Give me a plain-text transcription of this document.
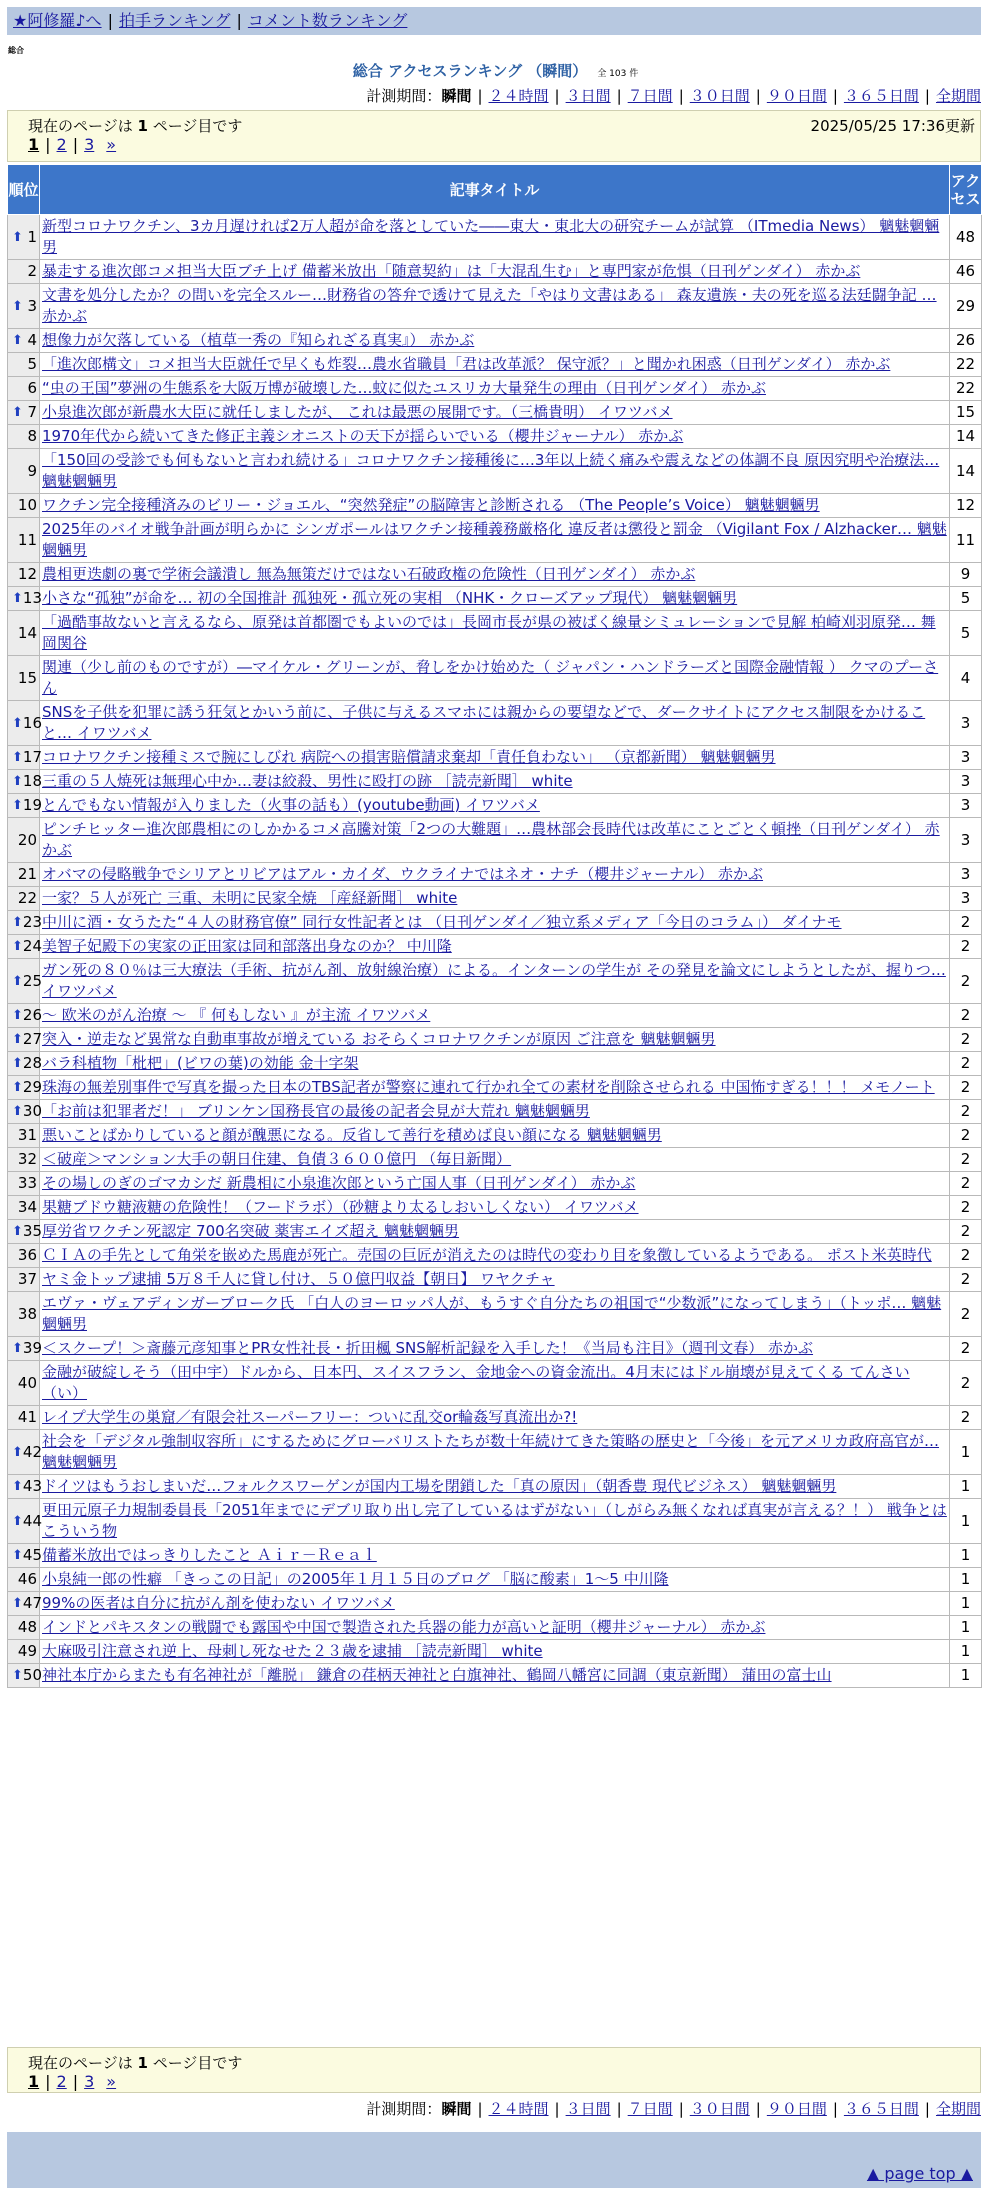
★阿修羅♪へ | 拍手ランキング | コメント数ランキング
総合
総合 アクセスランキング （瞬間） 全 103 件
計測期間：瞬間 | ２４時間 | ３日間 | ７日間 | ３０日間 | ９０日間 | ３６５日間 | 全期間
現在のページは 1 ページ目です	2025/05/25 17:36更新
1 | 2 | 3 »
順位	記事タイトル	アクセス

⬆ 1	新型コロナワクチン、3カ月遅ければ2万人超が命を落としていた――東大・東北大の研究チームが試算 （ITmedia News） 魑魅魍魎男	48
2	暴走する進次郎コメ担当大臣ブチ上げ 備蓄米放出「随意契約」は「大混乱生む」と専門家が危惧（日刊ゲンダイ） 赤かぶ	46

⬆ 3	文書を処分したか？の問いを完全スルー…財務省の答弁で透けて見えた「やはり文書はある」 森友遺族・夫の死を巡る法廷闘争記 … 赤かぶ	29

⬆ 4	想像力が欠落している（植草一秀の『知られざる真実』） 赤かぶ	26
5	「進次郎構文」コメ担当大臣就任で早くも炸裂…農水省職員「君は改革派？ 保守派？」と聞かれ困惑（日刊ゲンダイ） 赤かぶ	22
6	“虫の王国”夢洲の生態系を大阪万博が破壊した…蚊に似たユスリカ大量発生の理由（日刊ゲンダイ） 赤かぶ	22

⬆ 7	小泉進次郎が新農水大臣に就任しましたが、 これは最悪の展開です。（三橋貴明） イワツバメ	15
8	1970年代から続いてきた修正主義シオニストの天下が揺らいでいる（櫻井ジャーナル） 赤かぶ	14
9	「150回の受診でも何もないと言われ続ける」コロナワクチン接種後に…3年以上続く痛みや震えなどの体調不良 原因究明や治療法… 魑魅魍魎男	14
10	ワクチン完全接種済みのビリー・ジョエル、“突然発症”の脳障害と診断される （The People’s Voice） 魑魅魍魎男	12
11	2025年のバイオ戦争計画が明らかに シンガポールはワクチン接種義務厳格化 違反者は懲役と罰金 （Vigilant Fox / Alzhacker… 魑魅魍魎男	11
12	農相更迭劇の裏で学術会議潰し 無為無策だけではない石破政権の危険性（日刊ゲンダイ） 赤かぶ	9

⬆ 13	小さな“孤独”が命を… 初の全国推計 孤独死・孤立死の実相 （NHK・クローズアップ現代） 魑魅魍魎男	5
14	「過酷事故ないと言えるなら、原発は首都圏でもよいのでは」長岡市長が県の被ばく線量シミュレーションで見解 柏崎刈羽原発… 舞岡関谷	5
15	関連（少し前のものですが）―マイケル・グリーンが、脅しをかけ始めた（ ジャパン・ハンドラーズと国際金融情報 ） クマのプーさん	4

⬆ 16	SNSを子供を犯罪に誘う狂気とかいう前に、子供に与えるスマホには親からの要望などで、ダークサイトにアクセス制限をかけること… イワツバメ	3

⬆ 17	コロナワクチン接種ミスで腕にしびれ 病院への損害賠償請求棄却「責任負わない」 （京都新聞） 魑魅魍魎男	3

⬆ 18	三重の５人焼死は無理心中か…妻は絞殺、男性に殴打の跡 ［読売新聞］ white	3

⬆ 19	とんでもない情報が入りました（火事の話も）(youtube動画) イワツバメ	3
20	ピンチヒッター進次郎農相にのしかかるコメ高騰対策「2つの大難題」…農林部会長時代は改革にことごとく頓挫（日刊ゲンダイ） 赤かぶ	3
21	オバマの侵略戦争でシリアとリビアはアル・カイダ、ウクライナではネオ・ナチ（櫻井ジャーナル） 赤かぶ	3
22	一家？５人が死亡 三重、未明に民家全焼 ［産経新聞］ white	3

⬆ 23	中川に酒・女うたた“４人の財務官僚” 同行女性記者とは （日刊ゲンダイ／独立系メディア「今日のコラム」） ダイナモ	2

⬆ 24	美智子妃殿下の実家の正田家は同和部落出身なのか？ 中川隆	2

⬆ 25	ガン死の８０％は三大療法（手術、抗がん剤、放射線治療）による。インターンの学生が その発見を論文にしようとしたが、握りつ… イワツバメ	2

⬆ 26	～ 欧米のがん治療 ～ 『 何もしない 』が主流 イワツバメ	2

⬆ 27	突入・逆走など異常な自動車事故が増えている おそらくコロナワクチンが原因 ご注意を 魑魅魍魎男	2

⬆ 28	バラ科植物「枇杷」(ビワの葉)の効能 金十字架	2

⬆ 29	珠海の無差別事件で写真を撮った日本のTBS記者が警察に連れて行かれ全ての素材を削除させられる 中国怖すぎる！！！ メモノート	2

⬆ 30	「お前は犯罪者だ！」 ブリンケン国務長官の最後の記者会見が大荒れ 魑魅魍魎男	2
31	悪いことばかりしていると顔が醜悪になる。反省して善行を積めば良い顔になる 魑魅魍魎男	2
32	＜破産＞マンション大手の朝日住建、負債３６００億円 （毎日新聞）	2
33	その場しのぎのゴマカシだ 新農相に小泉進次郎という亡国人事（日刊ゲンダイ） 赤かぶ	2
34	果糖ブドウ糖液糖の危険性！（フードラボ）（砂糖より太るしおいしくない） イワツバメ	2

⬆ 35	厚労省ワクチン死認定 700名突破 薬害エイズ超え 魑魅魍魎男	2
36	ＣＩＡの手先として角栄を嵌めた馬鹿が死亡。売国の巨匠が消えたのは時代の変わり目を象徴しているようである。 ポスト米英時代	2
37	ヤミ金トップ逮捕 5万８千人に貸し付け、５０億円収益【朝日】 ワヤクチャ	2
38	エヴァ・ヴェアディンガーブローク氏 「白人のヨーロッパ人が、もうすぐ自分たちの祖国で“少数派”になってしまう」（トッポ… 魑魅魍魎男	2

⬆ 39	＜スクープ！＞斎藤元彦知事とPR女性社長・折田楓 SNS解析記録を入手した！《当局も注目》（週刊文春） 赤かぶ	2
40	金融が破綻しそう（田中宇）ドルから、日本円、スイスフラン、金地金への資金流出。4月末にはドル崩壊が見えてくる てんさい（い）	2
41	レイプ大学生の巣窟／有限会社スーパーフリー：ついに乱交or輪姦写真流出か?!	2

⬆ 42	社会を「デジタル強制収容所」にするためにグローバリストたちが数十年続けてきた策略の歴史と「今後」を元アメリカ政府高官が… 魑魅魍魎男	1

⬆ 43	ドイツはもうおしまいだ…フォルクスワーゲンが国内工場を閉鎖した「真の原因」（朝香豊 現代ビジネス） 魑魅魍魎男	1

⬆ 44	更田元原子力規制委員長「2051年までにデブリ取り出し完了しているはずがない」（しがらみ無くなれば真実が言える？！） 戦争とはこういう物	1

⬆ 45	備蓄米放出ではっきりしたこと Ａｉｒ－Ｒｅａｌ	1
46	小泉純一郎の性癖 「きっこの日記」の2005年１月１５日のブログ 「脳に酸素」1～5 中川隆	1

⬆ 47	99%の医者は自分に抗がん剤を使わない イワツバメ	1
48	インドとパキスタンの戦闘でも露国や中国で製造された兵器の能力が高いと証明（櫻井ジャーナル） 赤かぶ	1
49	大麻吸引注意され逆上、母刺し死なせた２３歳を逮捕 ［読売新聞］ white	1

⬆ 50	神社本庁からまたも有名神社が「離脱」 鎌倉の荏柄天神社と白旗神社、鶴岡八幡宮に同調（東京新聞） 蒲田の富士山	1
現在のページは 1 ページ目です
1 | 2 | 3 »
計測期間：瞬間 | ２４時間 | ３日間 | ７日間 | ３０日間 | ９０日間 | ３６５日間 | 全期間
▲ page top ▲
